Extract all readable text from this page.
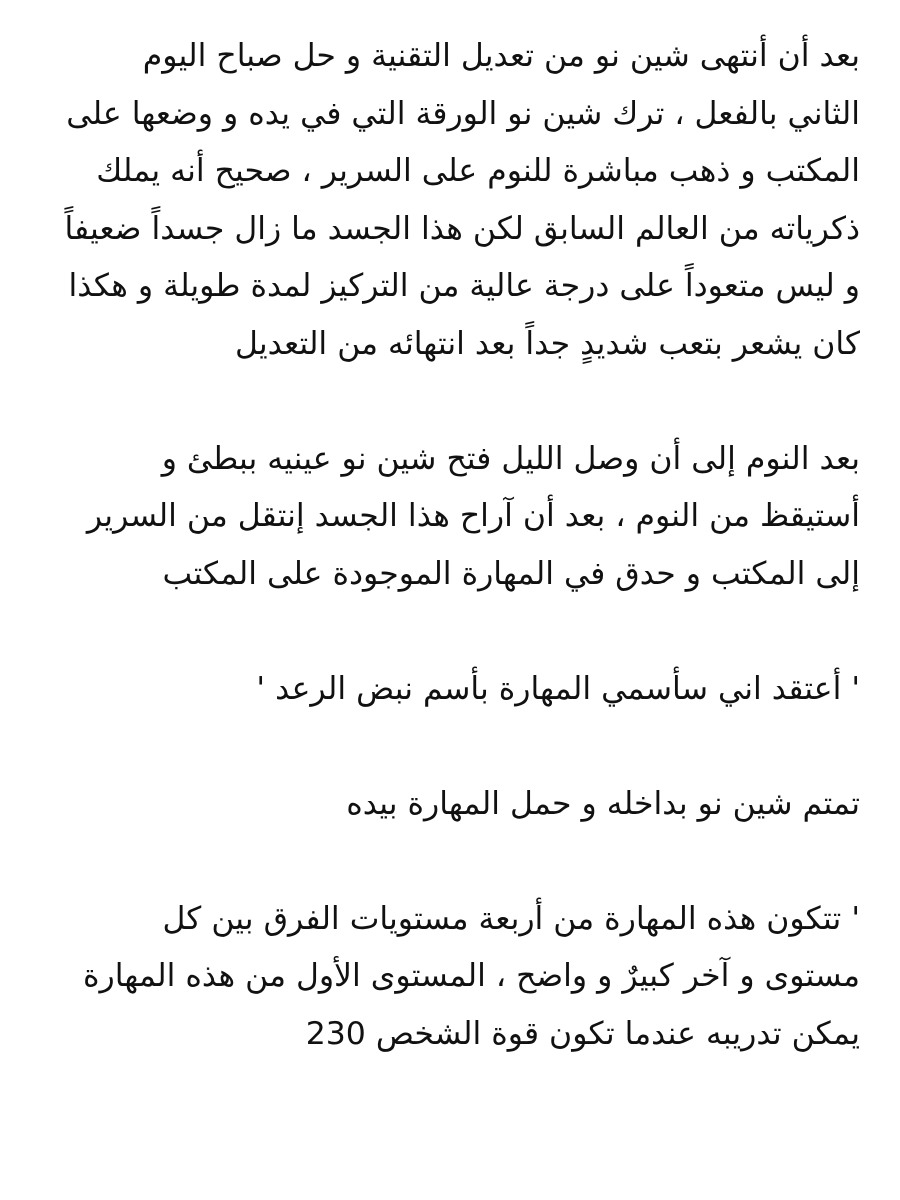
بعد أن أنتهى شين نو من تعديل التقنية و حل صباح اليوم الثاني بالفعل ، ترك شين نو الورقة التي في يده و وضعها على المكتب و ذهب مباشرة للنوم على السرير ، صحيح أنه يملك ذكرياته من العالم السابق لكن هذا الجسد ما زال جسداً ضعيفاً و ليس متعوداً على درجة عالية من التركيز لمدة طويلة و هكذا كان يشعر بتعب شديدٍ جداً بعد انتهائه من التعديل

بعد النوم إلى أن وصل الليل فتح شين نو عينيه ببطئ و أستيقظ من النوم ، بعد أن آراح هذا الجسد إنتقل من السرير إلى المكتب و حدق في المهارة الموجودة على المكتب

' أعتقد اني سأسمي المهارة بأسم نبض الرعد '

تمتم شين نو بداخله و حمل المهارة بيده

' تتكون هذه المهارة من أربعة مستويات الفرق بين كل مستوى و آخر كبيرٌ و واضح ، المستوى الأول من هذه المهارة يمكن تدريبه عندما تكون قوة الشخص 230
